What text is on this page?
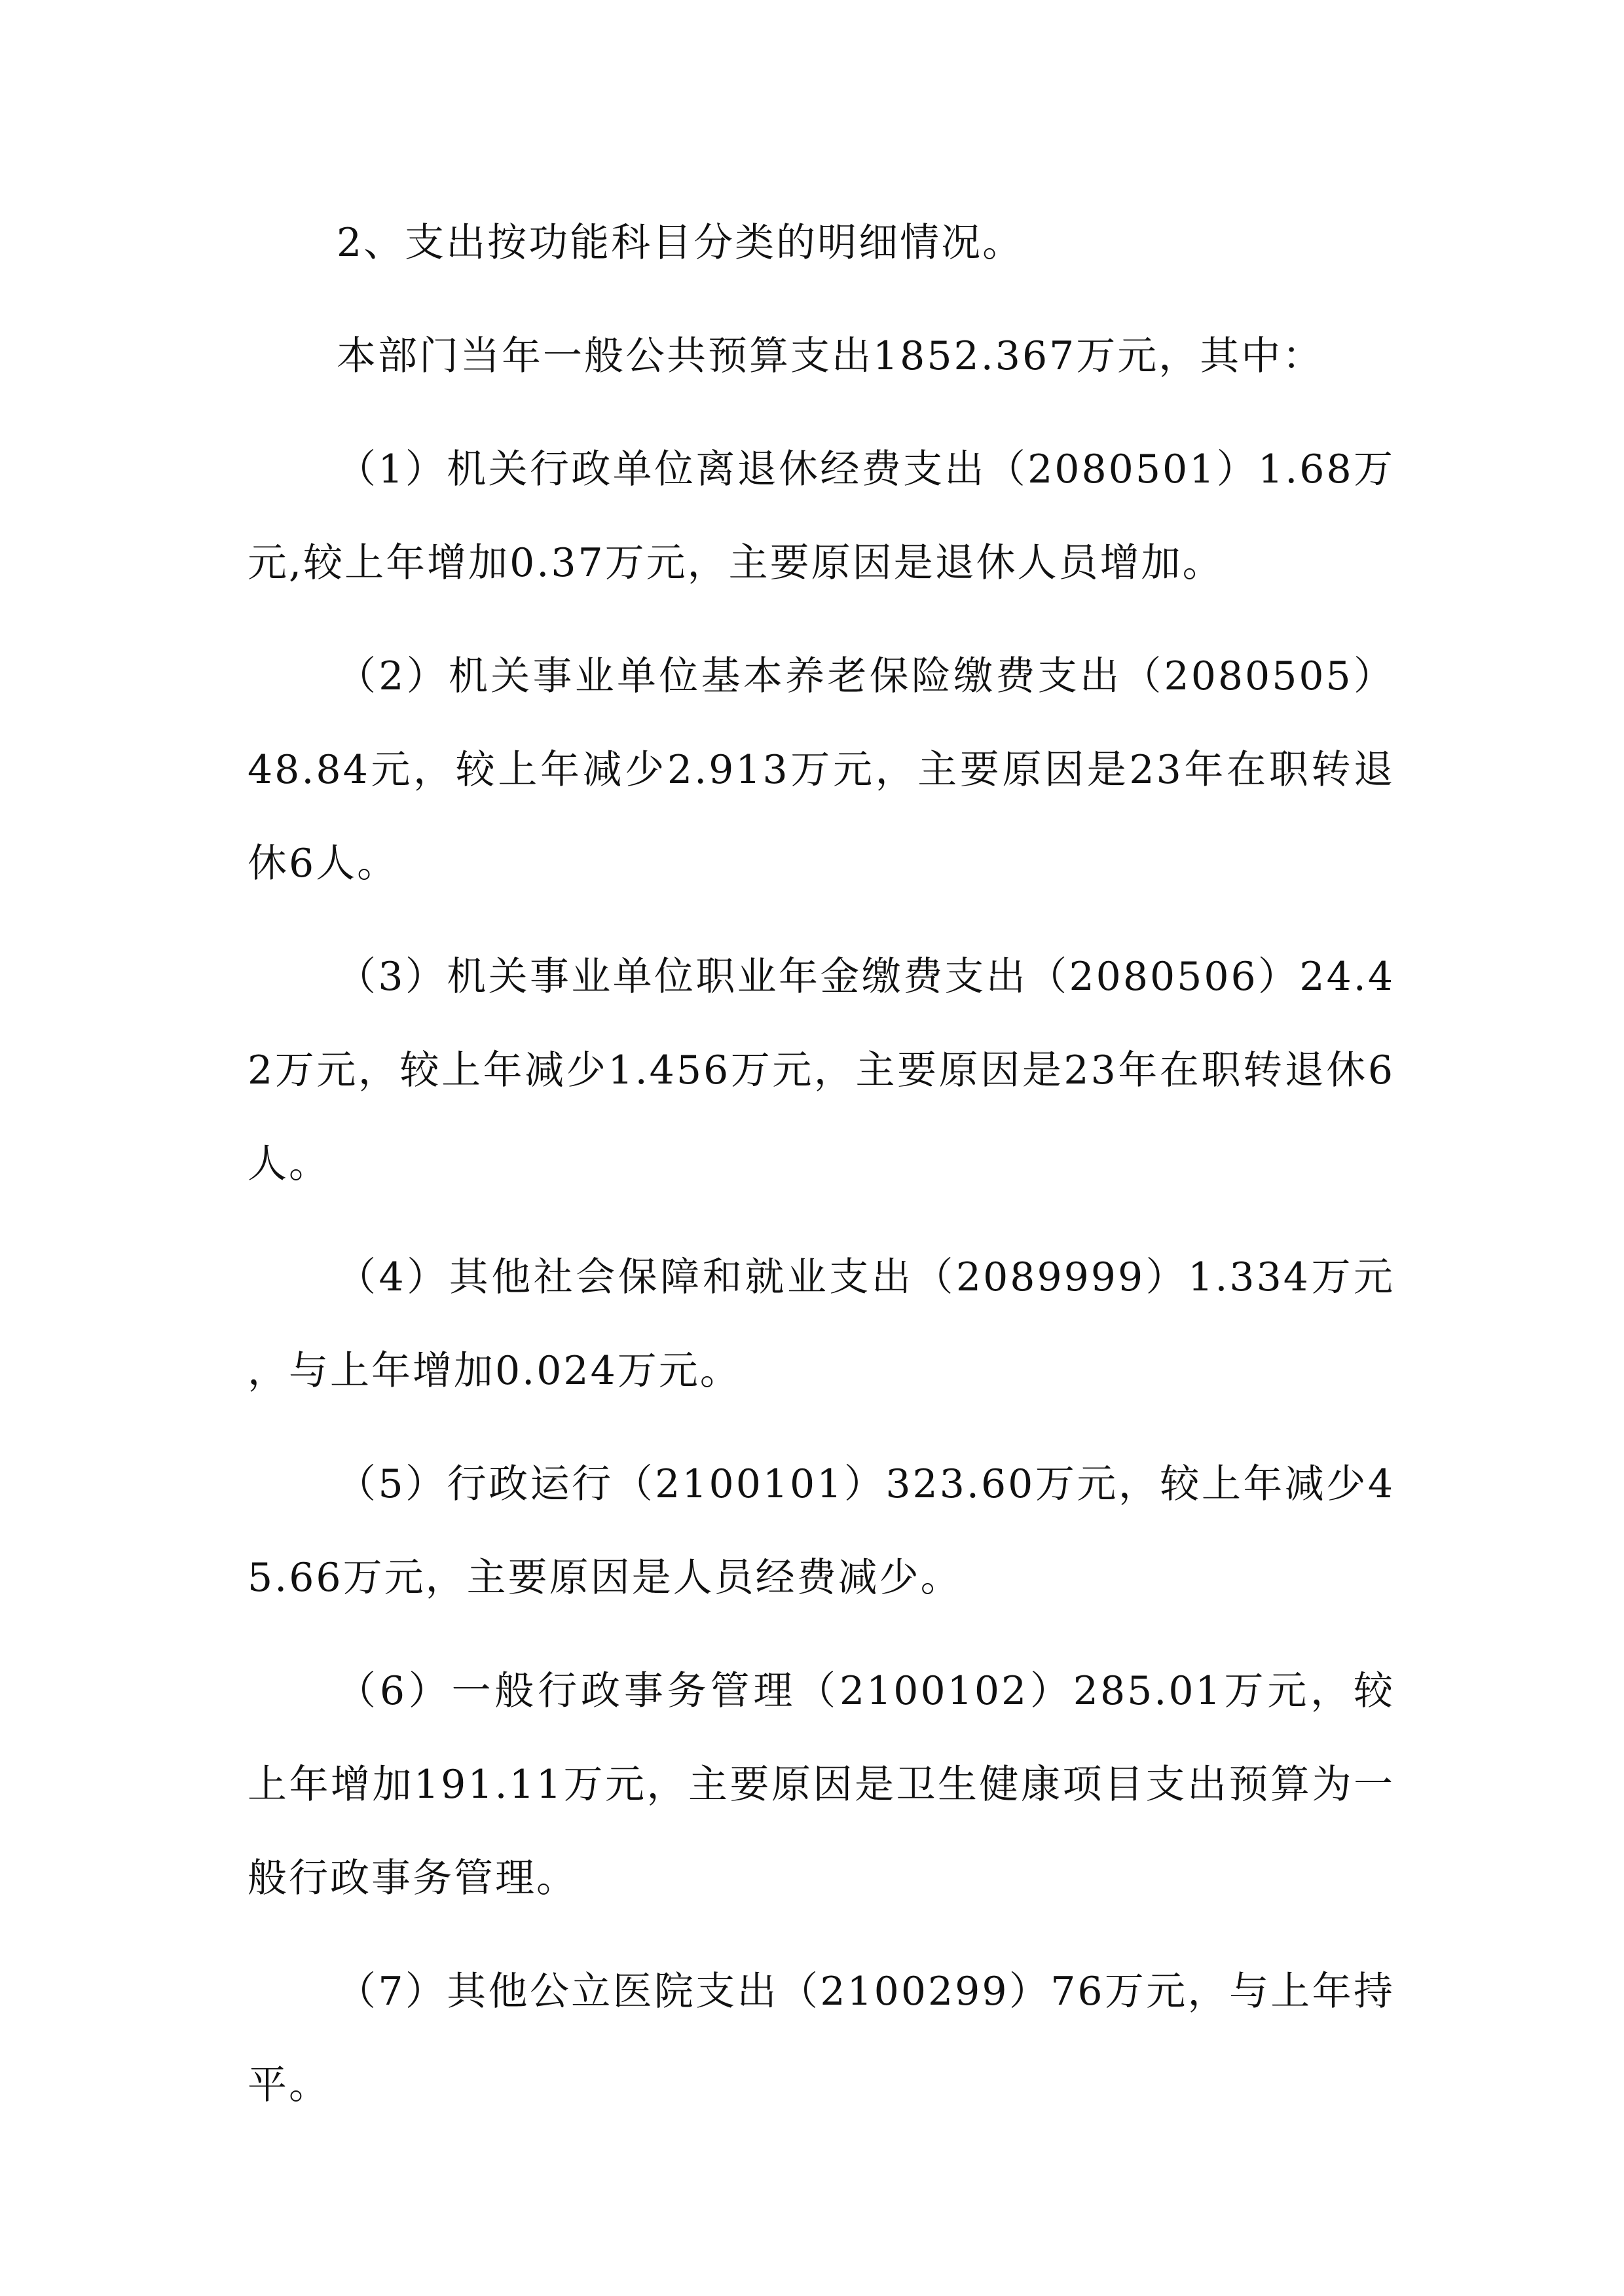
2、支出按功能科目分类的明细情况。

本部门当年一般公共预算支出1852.367万元，其中：

（1）机关行政单位离退休经费支出（2080501）1.68万元,较上年增加0.37万元，主要原因是退休人员增加。

（2）机关事业单位基本养老保险缴费支出（2080505）48.84元，较上年减少2.913万元，主要原因是23年在职转退休6人。

（3）机关事业单位职业年金缴费支出（2080506）24.42万元，较上年减少1.456万元，主要原因是23年在职转退休6人。

（4）其他社会保障和就业支出（2089999）1.334万元，与上年增加0.024万元。

（5）行政运行（2100101）323.60万元，较上年减少45.66万元，主要原因是人员经费减少。

（6）一般行政事务管理（2100102）285.01万元，较上年增加191.11万元，主要原因是卫生健康项目支出预算为一般行政事务管理。

（7）其他公立医院支出（2100299）76万元，与上年持平。
